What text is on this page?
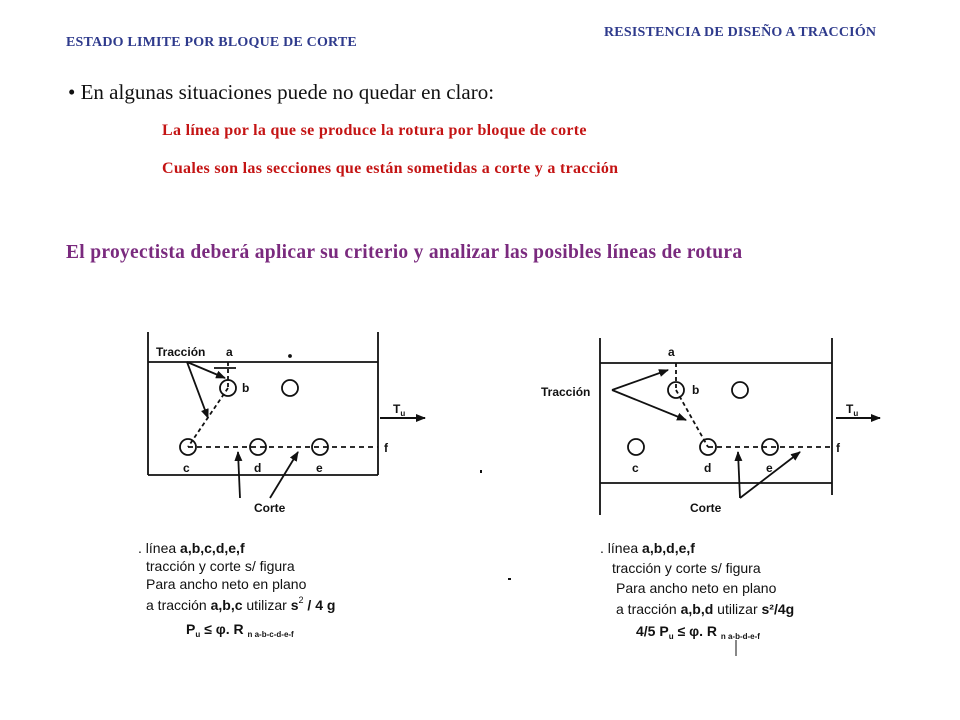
ESTADO LIMITE POR BLOQUE DE CORTE
RESISTENCIA DE DISEÑO A TRACCIÓN
• En algunas situaciones puede no quedar en claro:
La línea por la que se produce la rotura por bloque de corte
Cuales son las secciones que están sometidas a corte y a tracción
El proyectista deberá aplicar su criterio y analizar las posibles líneas de rotura
Tracción a
b
c	d	e
f
$T_u$
Corte
. línea a,b,c,d,e,f
tracción y corte s/ figura
Para ancho neto en plano
a tracción a,b,c utilizar $s^2 / 4$ g
$P_u \le \varphi$. R $_{n a-b-c-d-e-f}$
Tracción
a
b
c	d	e
f
$T_u$
Corte
. línea a,b,d,e,f
tracción y corte s/ figura
Para ancho neto en plano
a tracción a,b,d utilizar s²/4g
4/5 $P_u \le \varphi$. R $_{n a-b-d-e-f}$
